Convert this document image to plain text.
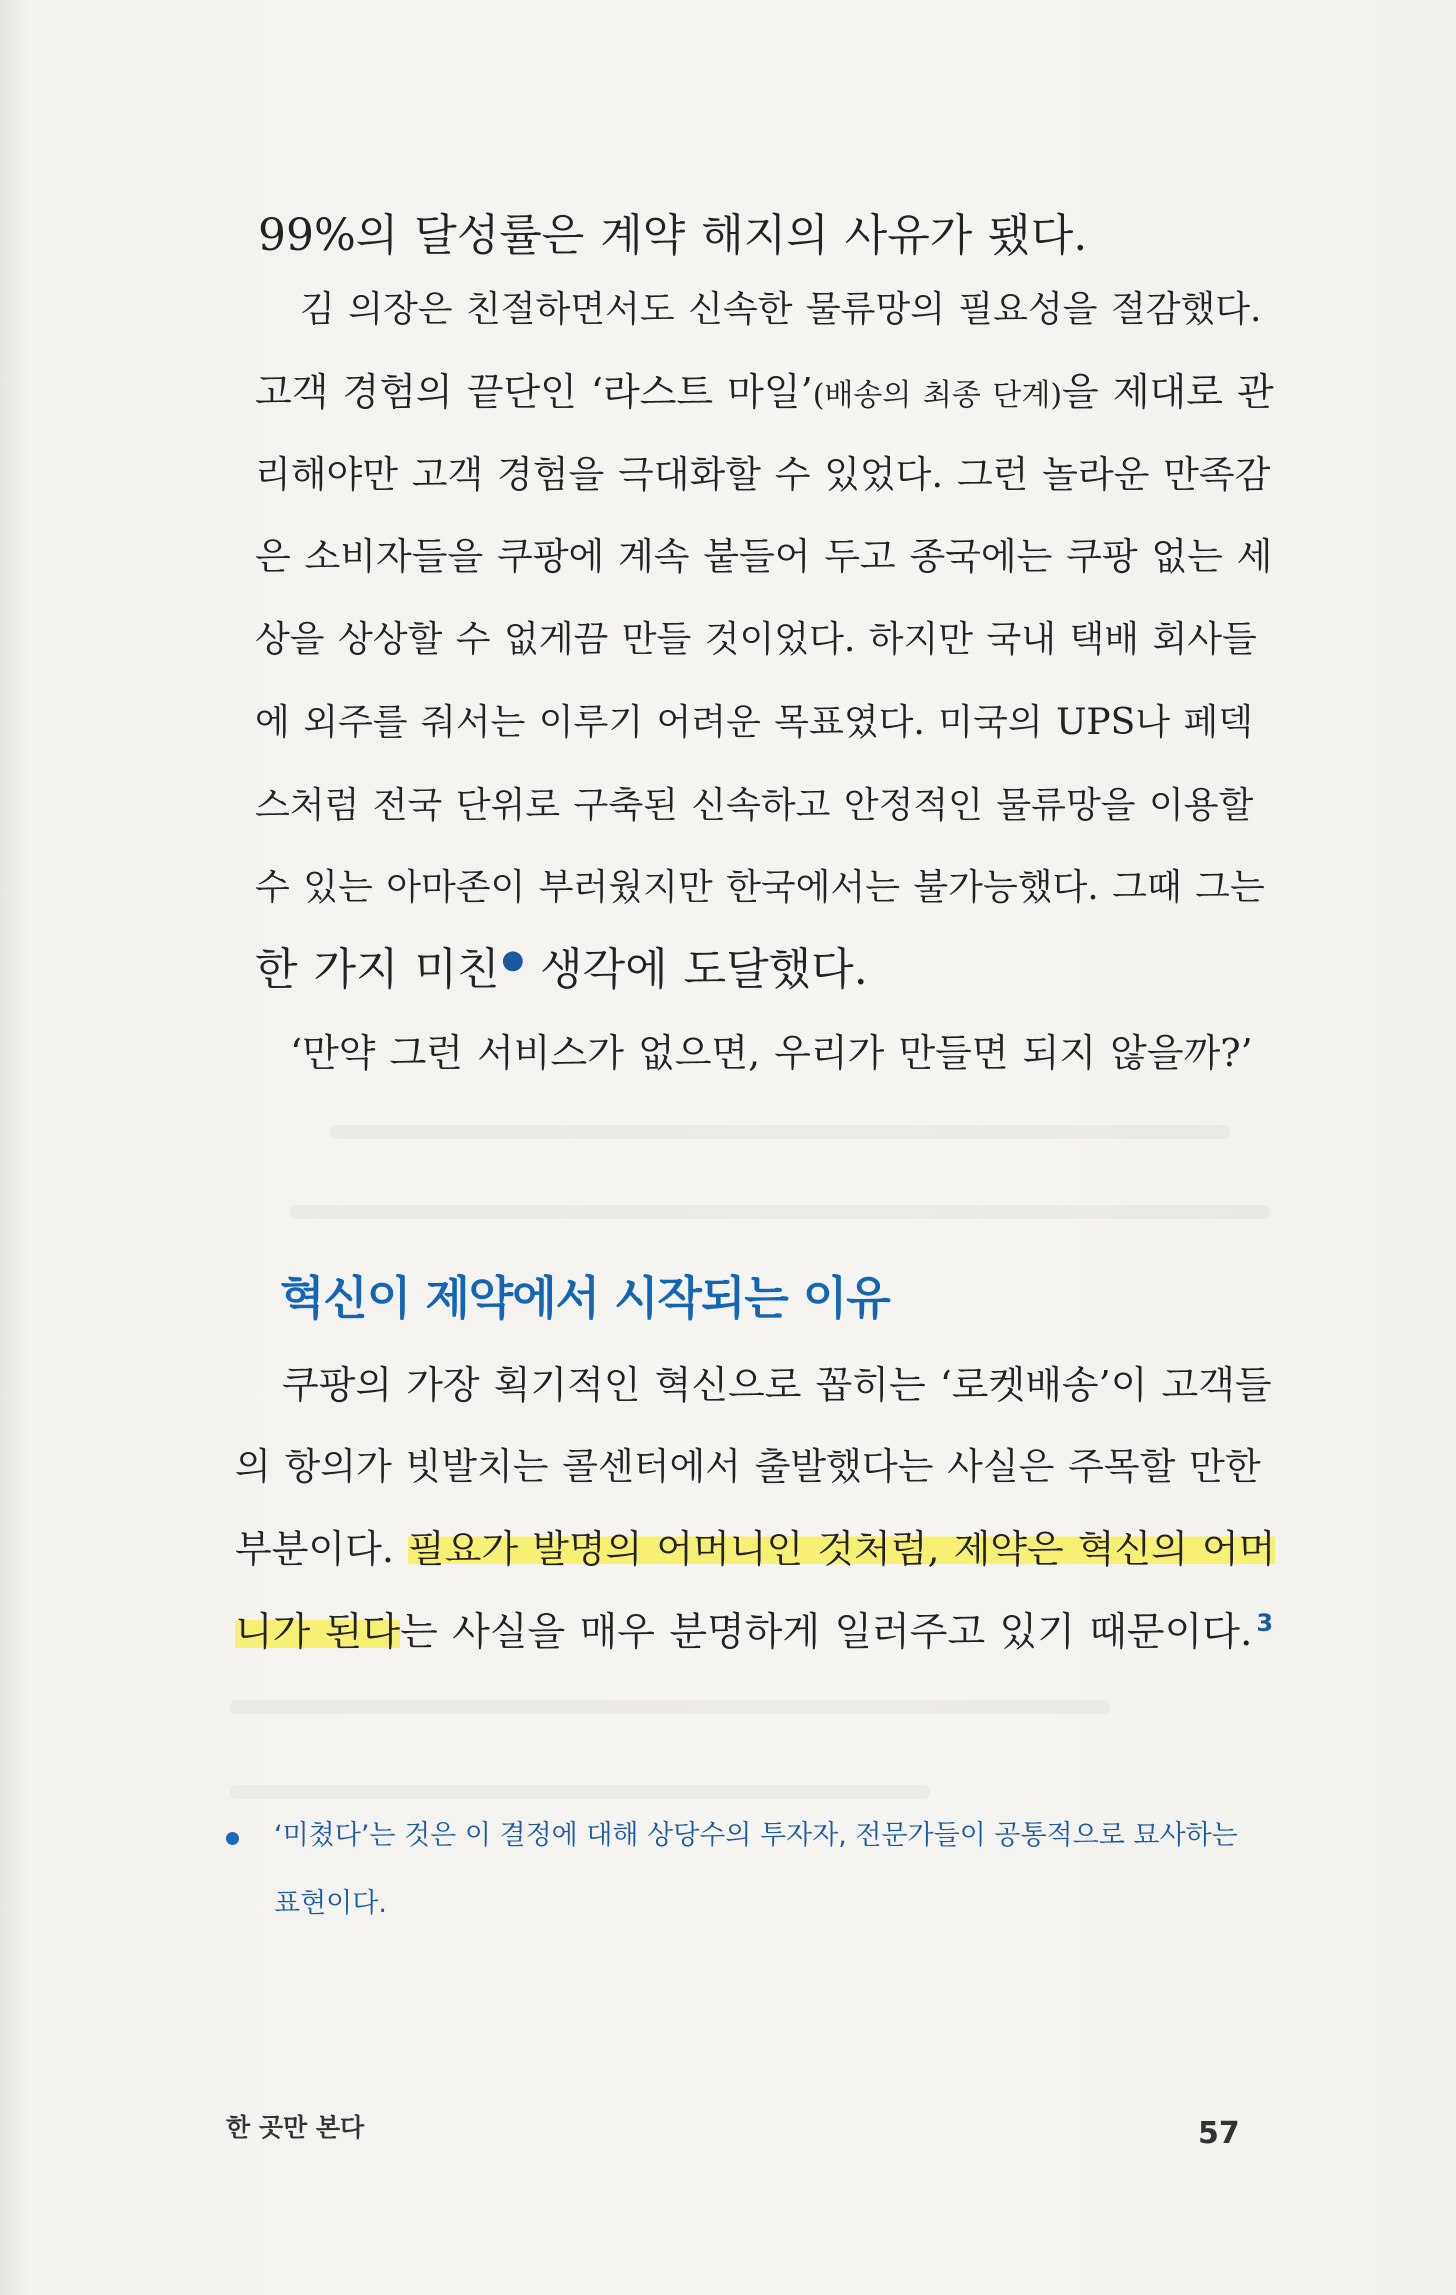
99%의 달성률은 계약 해지의 사유가 됐다.
김 의장은 친절하면서도 신속한 물류망의 필요성을 절감했다.
고객 경험의 끝단인 ‘라스트 마일’(배송의 최종 단계)을 제대로 관
리해야만 고객 경험을 극대화할 수 있었다. 그런 놀라운 만족감
은 소비자들을 쿠팡에 계속 붙들어 두고 종국에는 쿠팡 없는 세
상을 상상할 수 없게끔 만들 것이었다. 하지만 국내 택배 회사들
에 외주를 줘서는 이루기 어려운 목표였다. 미국의 UPS나 페덱
스처럼 전국 단위로 구축된 신속하고 안정적인 물류망을 이용할
수 있는 아마존이 부러웠지만 한국에서는 불가능했다. 그때 그는
한 가지 미친● 생각에 도달했다.
‘만약 그런 서비스가 없으면, 우리가 만들면 되지 않을까?’
혁신이 제약에서 시작되는 이유
쿠팡의 가장 획기적인 혁신으로 꼽히는 ‘로켓배송’이 고객들
의 항의가 빗발치는 콜센터에서 출발했다는 사실은 주목할 만한
부분이다. 필요가 발명의 어머니인 것처럼, 제약은 혁신의 어머
니가 된다는 사실을 매우 분명하게 일러주고 있기 때문이다. $^3$
‘미쳤다’는 것은 이 결정에 대해 상당수의 투자자, 전문가들이 공통적으로 묘사하는
표현이다.
한 곳만 본다	57
